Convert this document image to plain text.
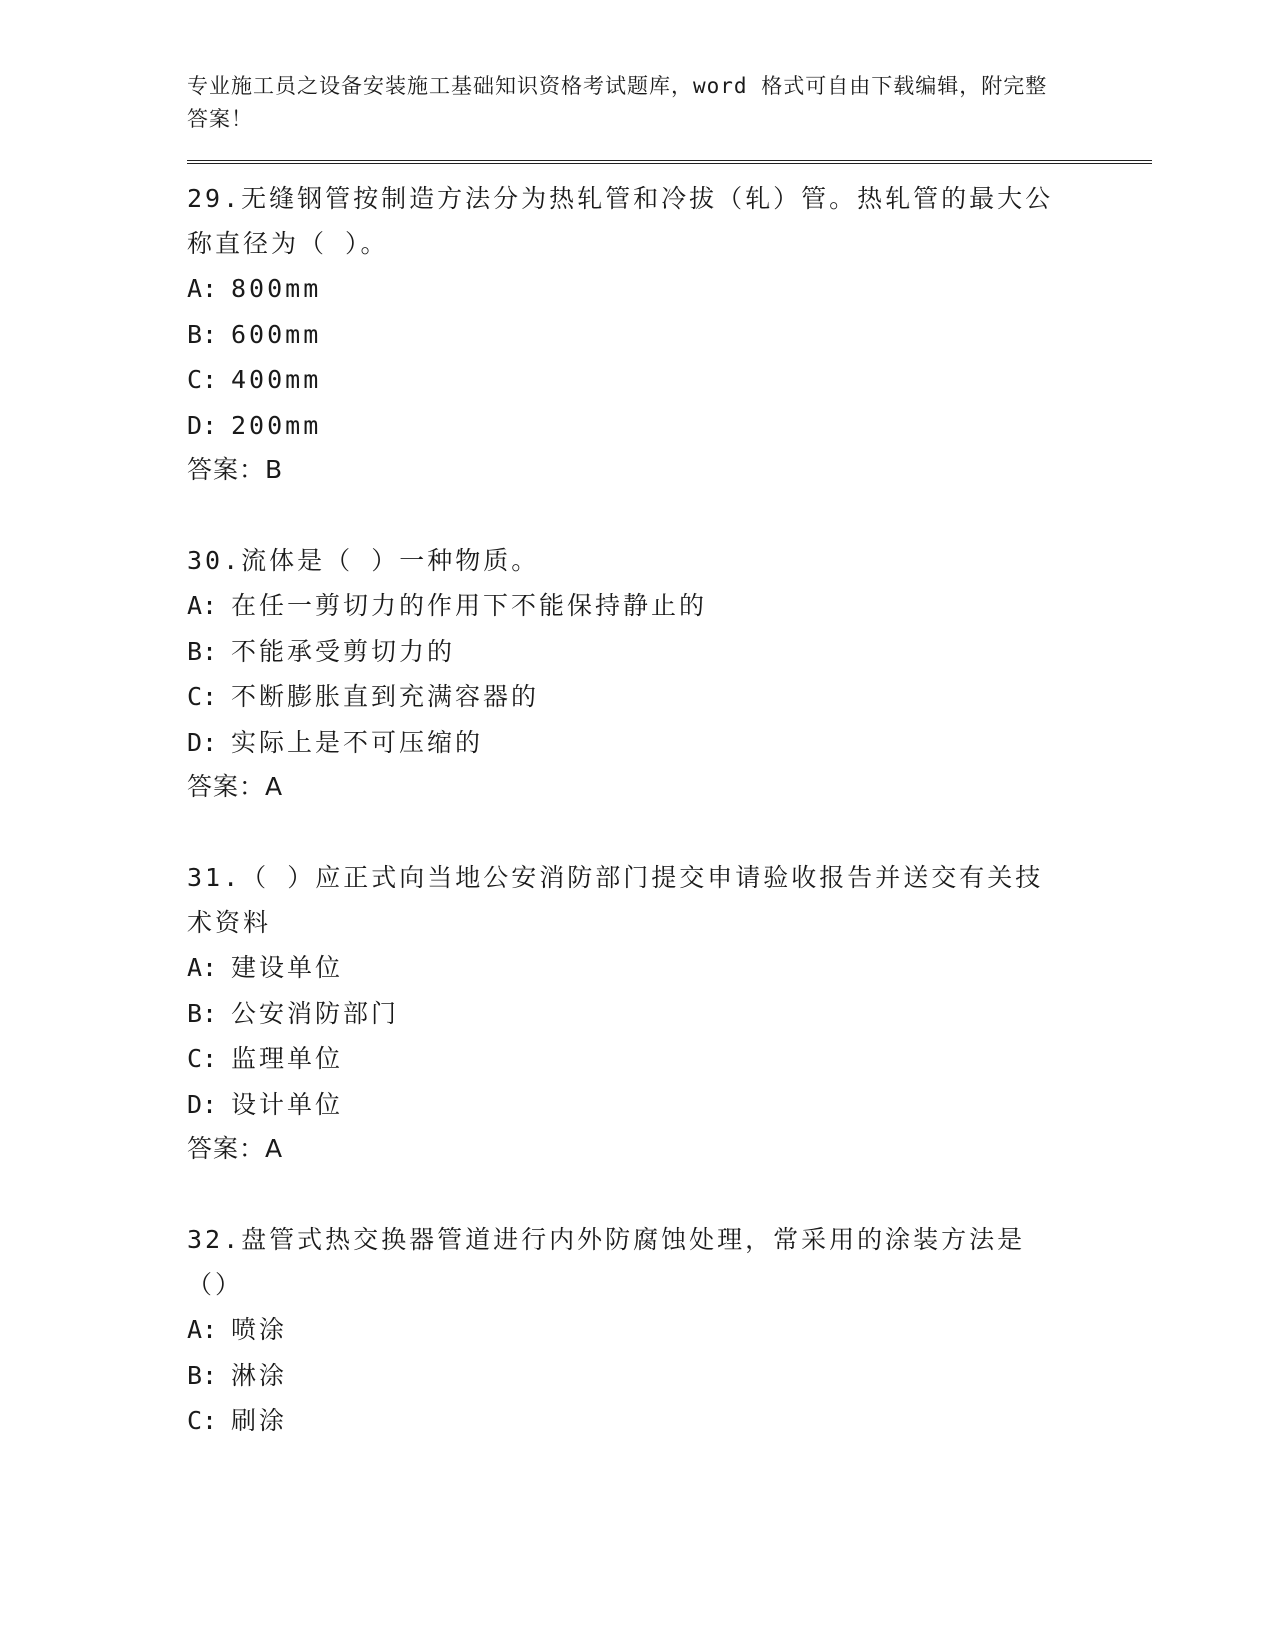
专业施工员之设备安装施工基础知识资格考试题库，word 格式可自由下载编辑，附完整答案！

29.无缝钢管按制造方法分为热轧管和冷拔（轧）管。热轧管的最大公称直径为（ ）。

A: 800mm

B: 600mm

C: 400mm

D: 200mm

答案：B

30.流体是（ ）一种物质。

A: 在任一剪切力的作用下不能保持静止的

B: 不能承受剪切力的

C: 不断膨胀直到充满容器的

D: 实际上是不可压缩的

答案：A

31.（ ）应正式向当地公安消防部门提交申请验收报告并送交有关技术资料

A: 建设单位

B: 公安消防部门

C: 监理单位

D: 设计单位

答案：A

32.盘管式热交换器管道进行内外防腐蚀处理，常采用的涂装方法是（）

A: 喷涂

B: 淋涂

C: 刷涂
